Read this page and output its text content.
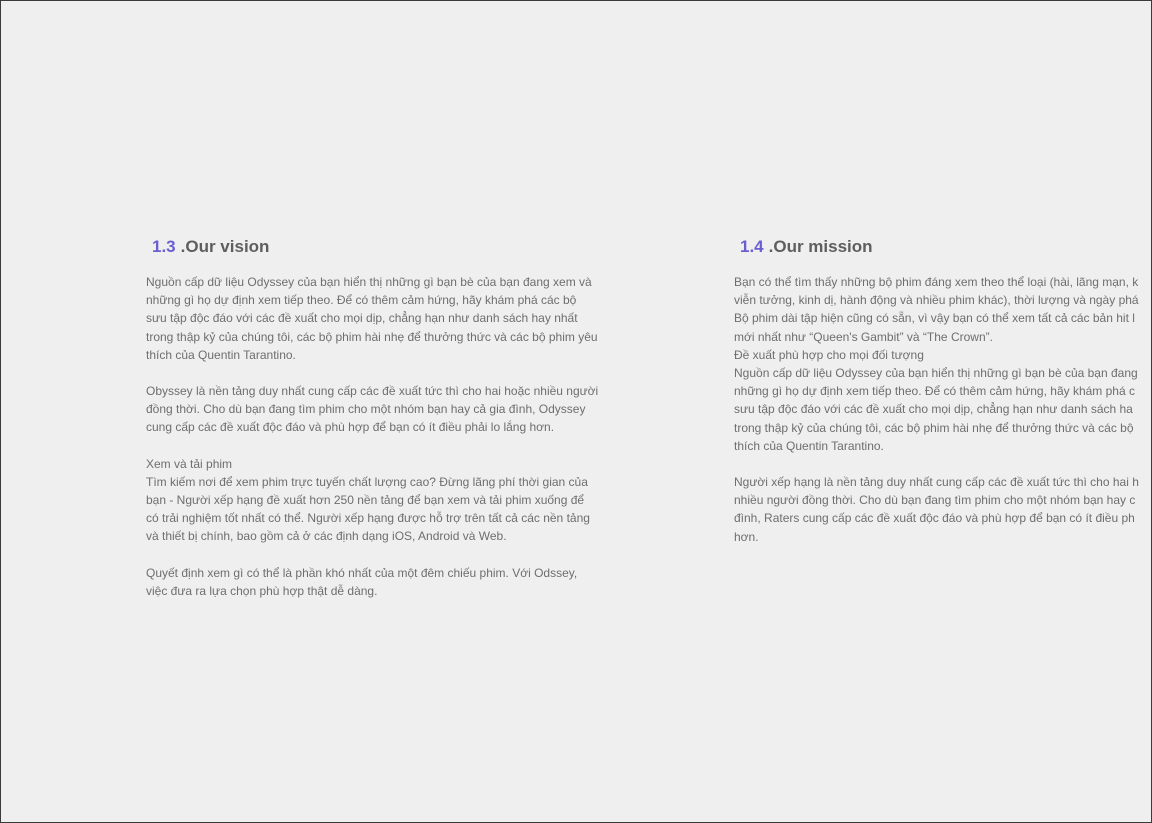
1.3 .Our vision

Nguồn cấp dữ liệu Odyssey của bạn hiển thị những gì bạn bè của bạn đang xem và
những gì họ dự định xem tiếp theo. Để có thêm cảm hứng, hãy khám phá các bộ
sưu tập độc đáo với các đề xuất cho mọi dịp, chẳng hạn như danh sách hay nhất
trong thập kỷ của chúng tôi, các bộ phim hài nhẹ để thưởng thức và các bộ phim yêu
thích của Quentin Tarantino.

Obyssey là nền tảng duy nhất cung cấp các đề xuất tức thì cho hai hoặc nhiều người
đồng thời. Cho dù bạn đang tìm phim cho một nhóm bạn hay cả gia đình, Odyssey
cung cấp các đề xuất độc đáo và phù hợp để bạn có ít điều phải lo lắng hơn.

Xem và tải phim
Tìm kiếm nơi để xem phim trực tuyến chất lượng cao? Đừng lãng phí thời gian của
bạn - Người xếp hạng đề xuất hơn 250 nền tảng để bạn xem và tải phim xuống để
có trải nghiệm tốt nhất có thể. Người xếp hạng được hỗ trợ trên tất cả các nền tảng
và thiết bị chính, bao gồm cả ở các định dạng iOS, Android và Web.

Quyết định xem gì có thể là phần khó nhất của một đêm chiếu phim. Với Odssey,
việc đưa ra lựa chọn phù hợp thật dễ dàng.

1.4 .Our mission

Bạn có thể tìm thấy những bộ phim đáng xem theo thể loại (hài, lãng mạn, k
viễn tưởng, kinh dị, hành động và nhiều phim khác), thời lượng và ngày phá
Bộ phim dài tập hiện cũng có sẵn, vì vậy bạn có thể xem tất cả các bản hit l
mới nhất như “Queen's Gambit” và “The Crown”.
Đề xuất phù hợp cho mọi đối tượng
Nguồn cấp dữ liệu Odyssey của bạn hiển thị những gì bạn bè của bạn đang
những gì họ dự định xem tiếp theo. Để có thêm cảm hứng, hãy khám phá c
sưu tập độc đáo với các đề xuất cho mọi dịp, chẳng hạn như danh sách ha
trong thập kỷ của chúng tôi, các bộ phim hài nhẹ để thưởng thức và các bộ
thích của Quentin Tarantino.

Người xếp hạng là nền tảng duy nhất cung cấp các đề xuất tức thì cho hai h
nhiều người đồng thời. Cho dù bạn đang tìm phim cho một nhóm bạn hay c
đình, Raters cung cấp các đề xuất độc đáo và phù hợp để bạn có ít điều ph
hơn.
